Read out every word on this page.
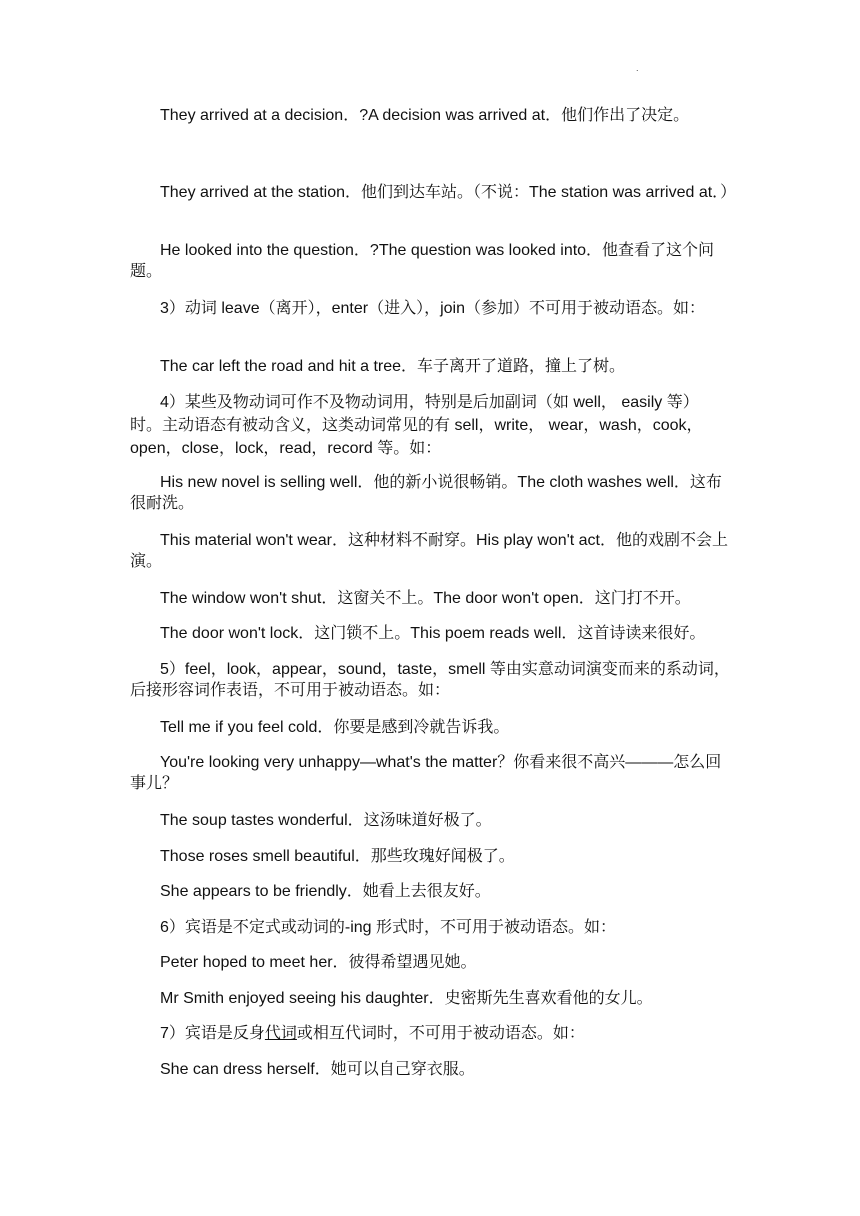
.

They arrived at a decision．?A decision was arrived at．他们作出了决定。

They arrived at the station．他们到达车站。（不说：The station was arrived at．）

He looked into the question．?The question was looked into．他查看了这个问题。

3）动词 leave（离开），enter（进入），join（参加）不可用于被动语态。如：

The car left the road and hit a tree．车子离开了道路，撞上了树。

4）某些及物动词可作不及物动词用，特别是后加副词（如 well， easily 等）时。主动语态有被动含义，这类动词常见的有 sell，write， wear，wash，cook，open，close，lock，read，record 等。如：

His new novel is selling well．他的新小说很畅销。The cloth washes well．这布很耐洗。

This material won't wear．这种材料不耐穿。His play won't act．他的戏剧不会上演。

The window won't shut．这窗关不上。The door won't open．这门打不开。

The door won't lock．这门锁不上。This poem reads well．这首诗读来很好。

5）feel，look，appear，sound，taste，smell 等由实意动词演变而来的系动词，后接形容词作表语，不可用于被动语态。如：

Tell me if you feel cold．你要是感到冷就告诉我。

You're looking very unhappy—what's the matter？你看来很不高兴———怎么回事儿？

The soup tastes wonderful．这汤味道好极了。

Those roses smell beautiful．那些玫瑰好闻极了。

She appears to be friendly．她看上去很友好。

6）宾语是不定式或动词的-ing 形式时，不可用于被动语态。如：

Peter hoped to meet her．彼得希望遇见她。

Mr Smith enjoyed seeing his daughter．史密斯先生喜欢看他的女儿。

7）宾语是反身代词或相互代词时，不可用于被动语态。如：

She can dress herself．她可以自己穿衣服。
